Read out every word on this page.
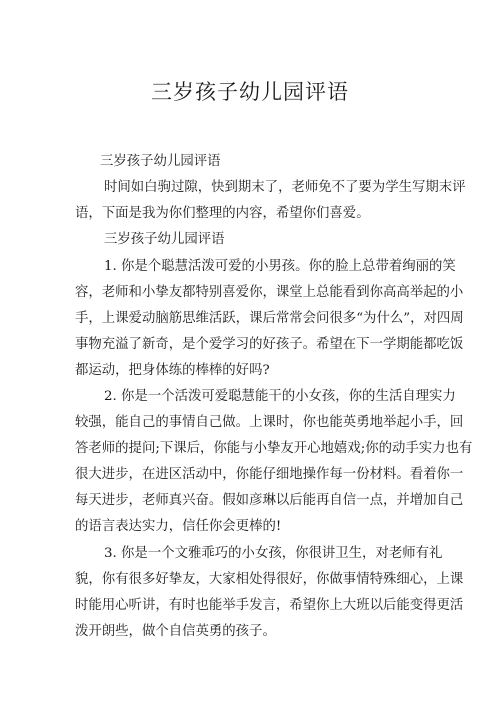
三岁孩子幼儿园评语
三岁孩子幼儿园评语
时间如白驹过隙，快到期末了，老师免不了要为学生写期末评
语，下面是我为你们整理的内容，希望你们喜爱。
三岁孩子幼儿园评语
1. 你是个聪慧活泼可爱的小男孩。你的脸上总带着绚丽的笑
容，老师和小挚友都特别喜爱你，课堂上总能看到你高高举起的小
手，上课爱动脑筋思维活跃，课后常常会问很多“为什么”，对四周
事物充溢了新奇，是个爱学习的好孩子。希望在下一学期能都吃饭
都运动，把身体练的棒棒的好吗?
2. 你是一个活泼可爱聪慧能干的小女孩，你的生活自理实力
较强，能自己的事情自己做。上课时，你也能英勇地举起小手，回
答老师的提问;下课后，你能与小挚友开心地嬉戏;你的动手实力也有
很大进步，在进区活动中，你能仔细地操作每一份材料。看着你一
每天进步，老师真兴奋。假如彦琳以后能再自信一点，并增加自己
的语言表达实力，信任你会更棒的!
3. 你是一个文雅乖巧的小女孩，你很讲卫生，对老师有礼
貌，你有很多好挚友，大家相处得很好，你做事情特殊细心，上课
时能用心听讲，有时也能举手发言，希望你上大班以后能变得更活
泼开朗些，做个自信英勇的孩子。
